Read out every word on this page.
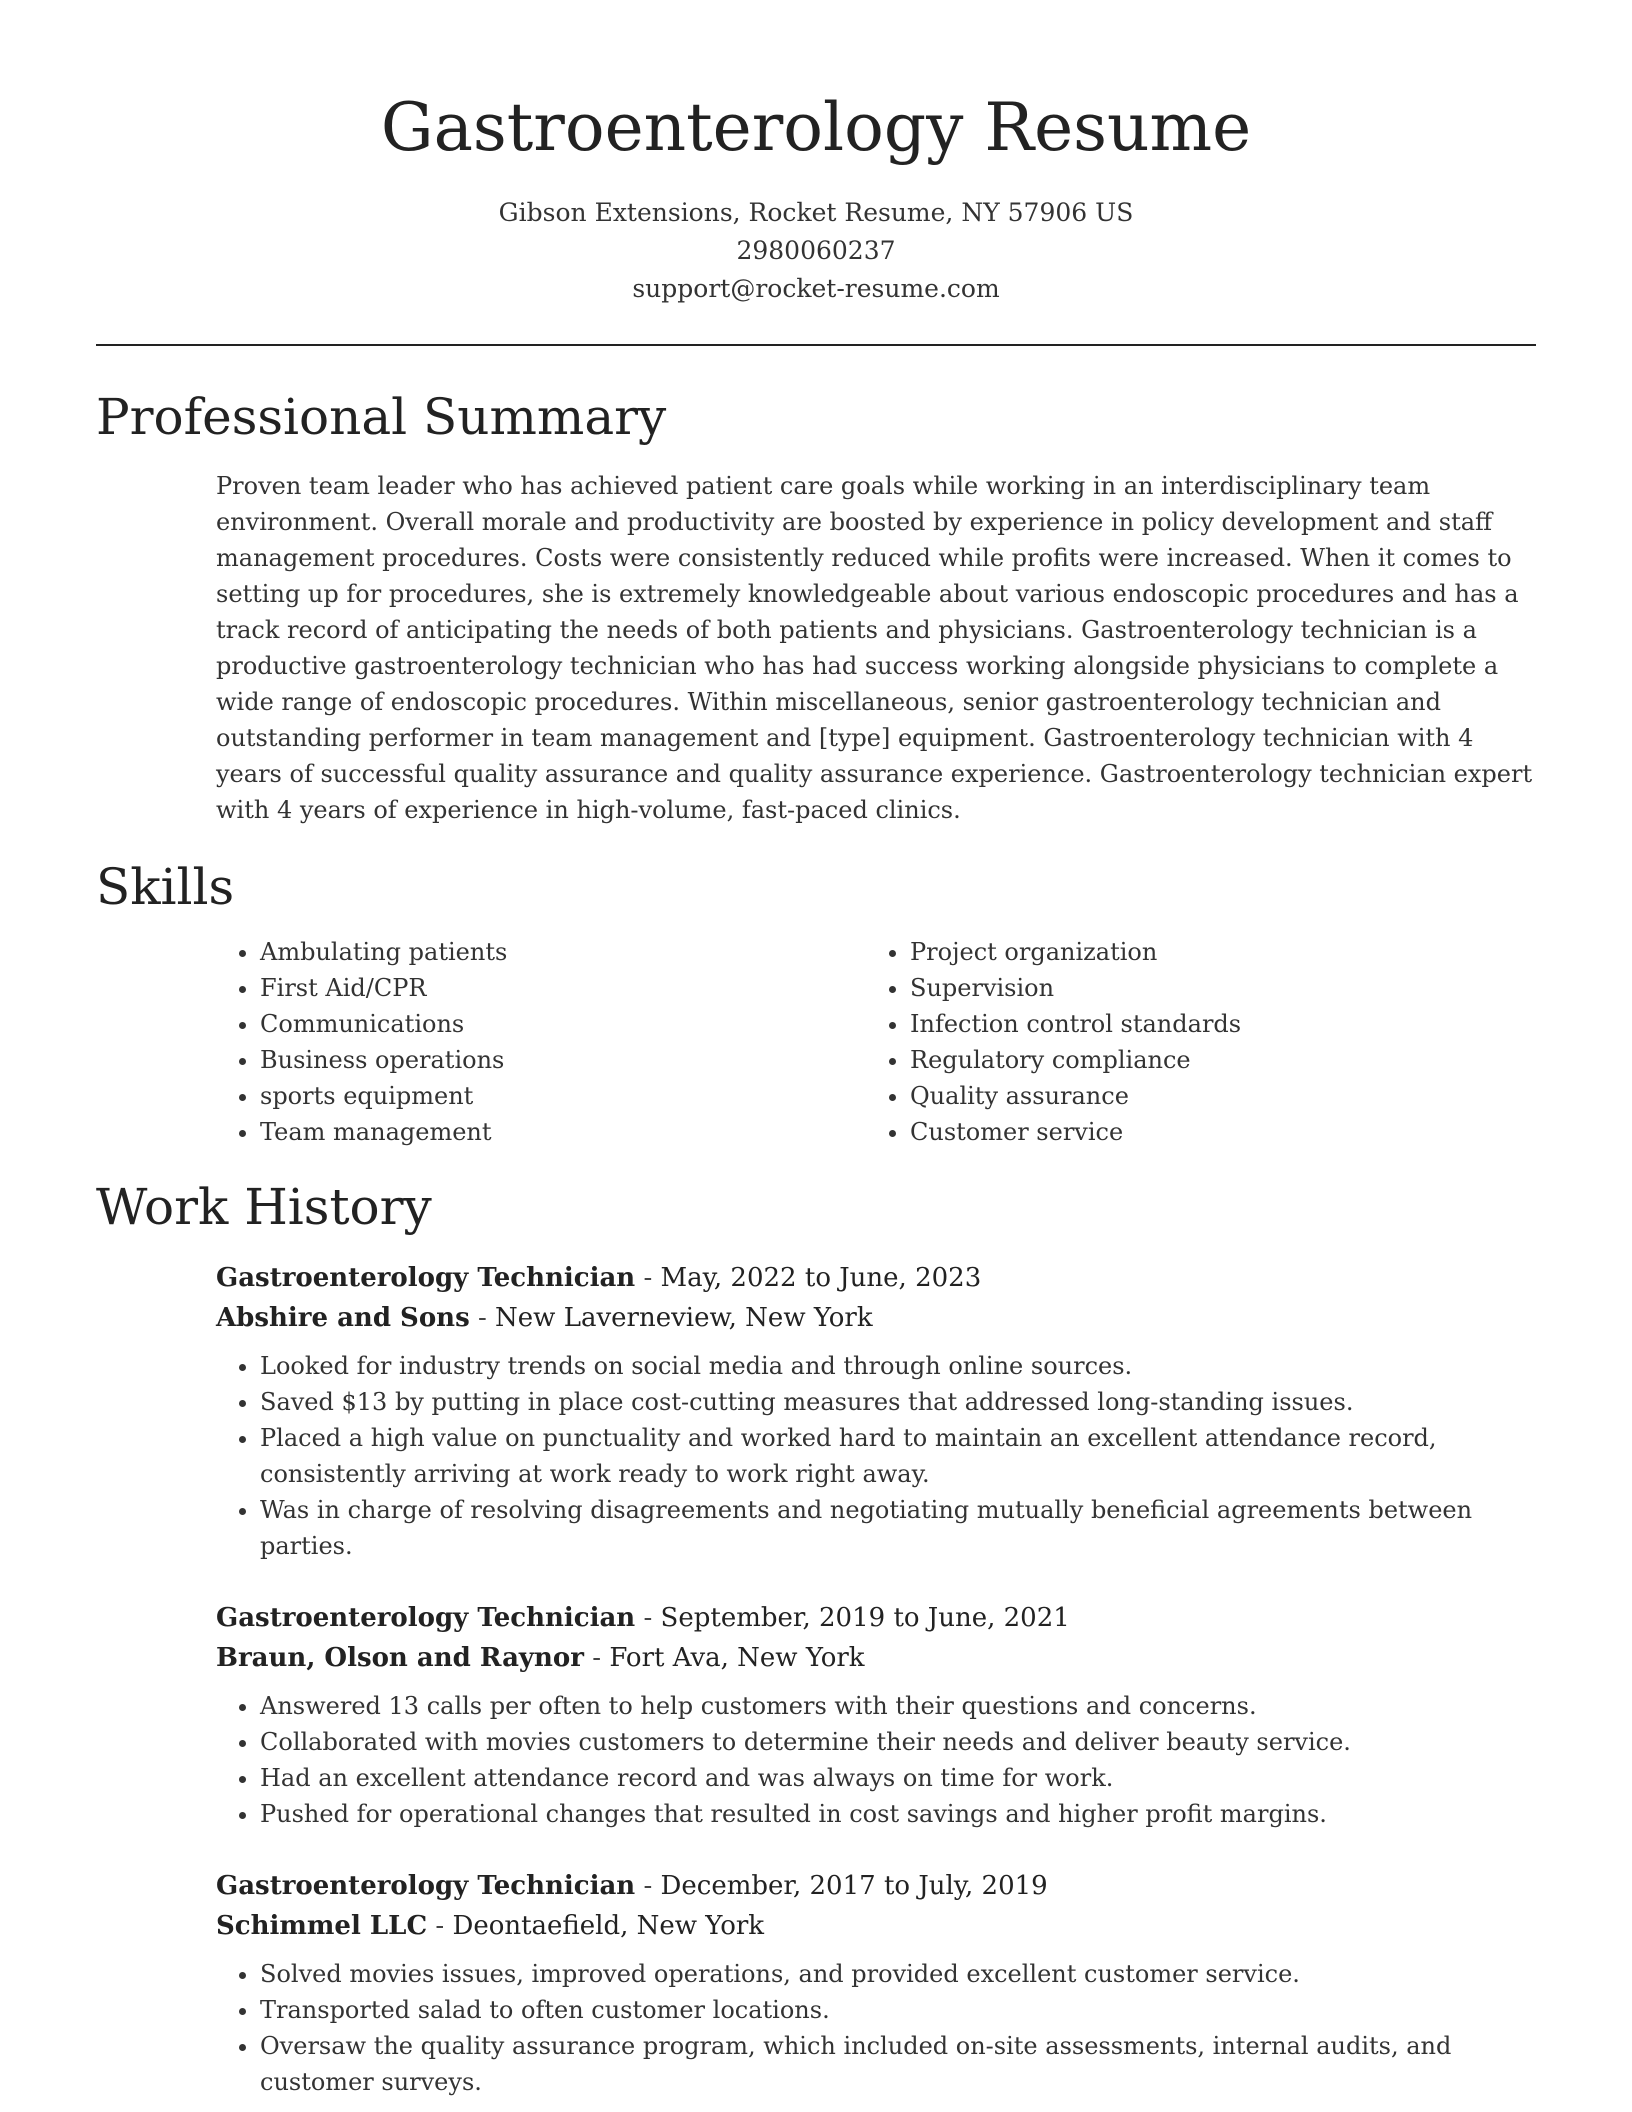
Gastroenterology Resume
Gibson Extensions, Rocket Resume, NY 57906 US
2980060237
support@rocket-resume.com
Professional Summary

Proven team leader who has achieved patient care goals while working in an interdisciplinary team environment. Overall morale and productivity are boosted by experience in policy development and staff management procedures. Costs were consistently reduced while profits were increased. When it comes to setting up for procedures, she is extremely knowledgeable about various endoscopic procedures and has a track record of anticipating the needs of both patients and physicians. Gastroenterology technician is a productive gastroenterology technician who has had success working alongside physicians to complete a wide range of endoscopic procedures. Within miscellaneous, senior gastroenterology technician and outstanding performer in team management and [type] equipment. Gastroenterology technician with 4 years of successful quality assurance and quality assurance experience. Gastroenterology technician expert with 4 years of experience in high-volume, fast-paced clinics.

Skills
• Ambulating patients
• First Aid/CPR
• Communications
• Business operations
• sports equipment
• Team management
• Project organization
• Supervision
• Infection control standards
• Regulatory compliance
• Quality assurance
• Customer service
Work History
Gastroenterology Technician - May, 2022 to June, 2023
Abshire and Sons - New Laverneview, New York
• Looked for industry trends on social media and through online sources.
• Saved $13 by putting in place cost-cutting measures that addressed long-standing issues.
• Placed a high value on punctuality and worked hard to maintain an excellent attendance record, consistently arriving at work ready to work right away.
• Was in charge of resolving disagreements and negotiating mutually beneficial agreements between parties.
Gastroenterology Technician - September, 2019 to June, 2021
Braun, Olson and Raynor - Fort Ava, New York
• Answered 13 calls per often to help customers with their questions and concerns.
• Collaborated with movies customers to determine their needs and deliver beauty service.
• Had an excellent attendance record and was always on time for work.
• Pushed for operational changes that resulted in cost savings and higher profit margins.
Gastroenterology Technician - December, 2017 to July, 2019
Schimmel LLC - Deontaefield, New York
• Solved movies issues, improved operations, and provided excellent customer service.
• Transported salad to often customer locations.
• Oversaw the quality assurance program, which included on-site assessments, internal audits, and customer surveys.
